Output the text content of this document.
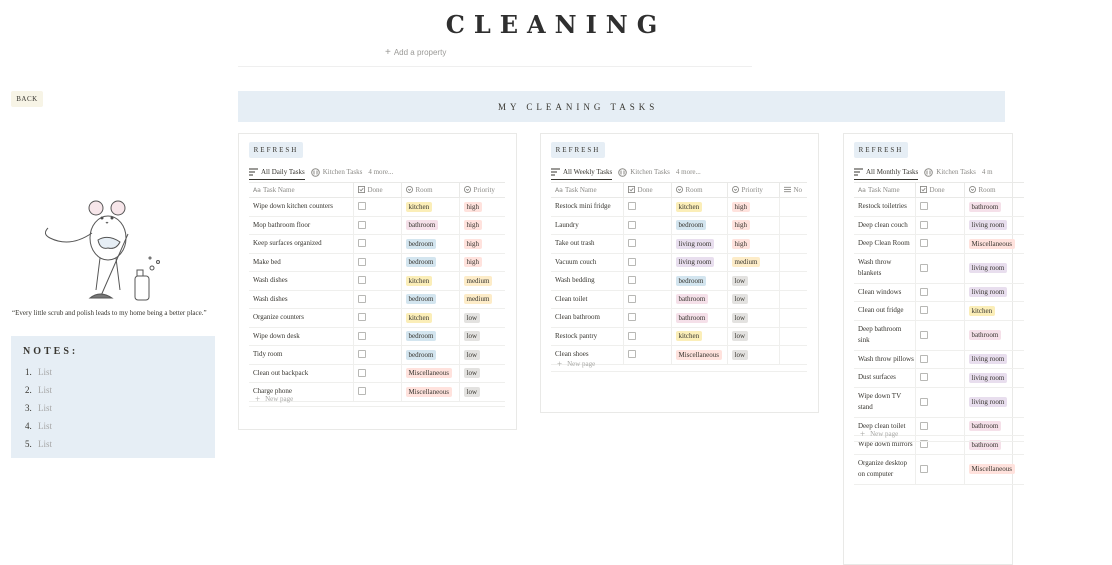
CLEANING
+ Add a property
BACK
“Every little scrub and polish leads to my home being a better place.”
NOTES:
1. List
2. List
3. List
4. List
5. List
MY CLEANING TASKS
REFRESH
All Daily Tasks	Kitchen Tasks 4 more...
Aa Task Name	Done	Room	Priority
Wipe down kitchen counters		kitchen	high
Mop bathroom floor		bathroom	high
Keep surfaces organized		bedroom	high
Make bed		bedroom	high
Wash dishes		kitchen	medium
Wash dishes		bedroom	medium
Organize counters		kitchen	low
Wipe down desk		bedroom	low
Tidy room		bedroom	low
Clean out backpack		Miscellaneous	low
Charge phone		Miscellaneous	low
+ New page
REFRESH
All Weekly Tasks	Kitchen Tasks 4 more...
Aa Task Name	Done	Room	Priority	No
Restock mini fridge		kitchen	high	
Laundry		bedroom	high	
Take out trash		living room	high	
Vacuum couch		living room	medium	
Wash bedding		bedroom	low	
Clean toilet		bathroom	low	
Clean bathroom		bathroom	low	
Restock pantry		kitchen	low	
Clean shoes		Miscellaneous	low	
+ New page
REFRESH
All Monthly Tasks	Kitchen Tasks 4 m
Aa Task Name	Done	Room
Restock toiletries		bathroom
Deep clean couch		living room
Deep Clean Room		Miscellaneous
Wash throw blankets		living room
Clean windows		living room
Clean out fridge		kitchen
Deep bathroom sink		bathroom
Wash throw pillows		living room
Dust surfaces		living room
Wipe down TV stand		living room
Deep clean toilet		bathroom
Wipe down mirrors		bathroom
Organize desktop on computer		Miscellaneous
+ New page
